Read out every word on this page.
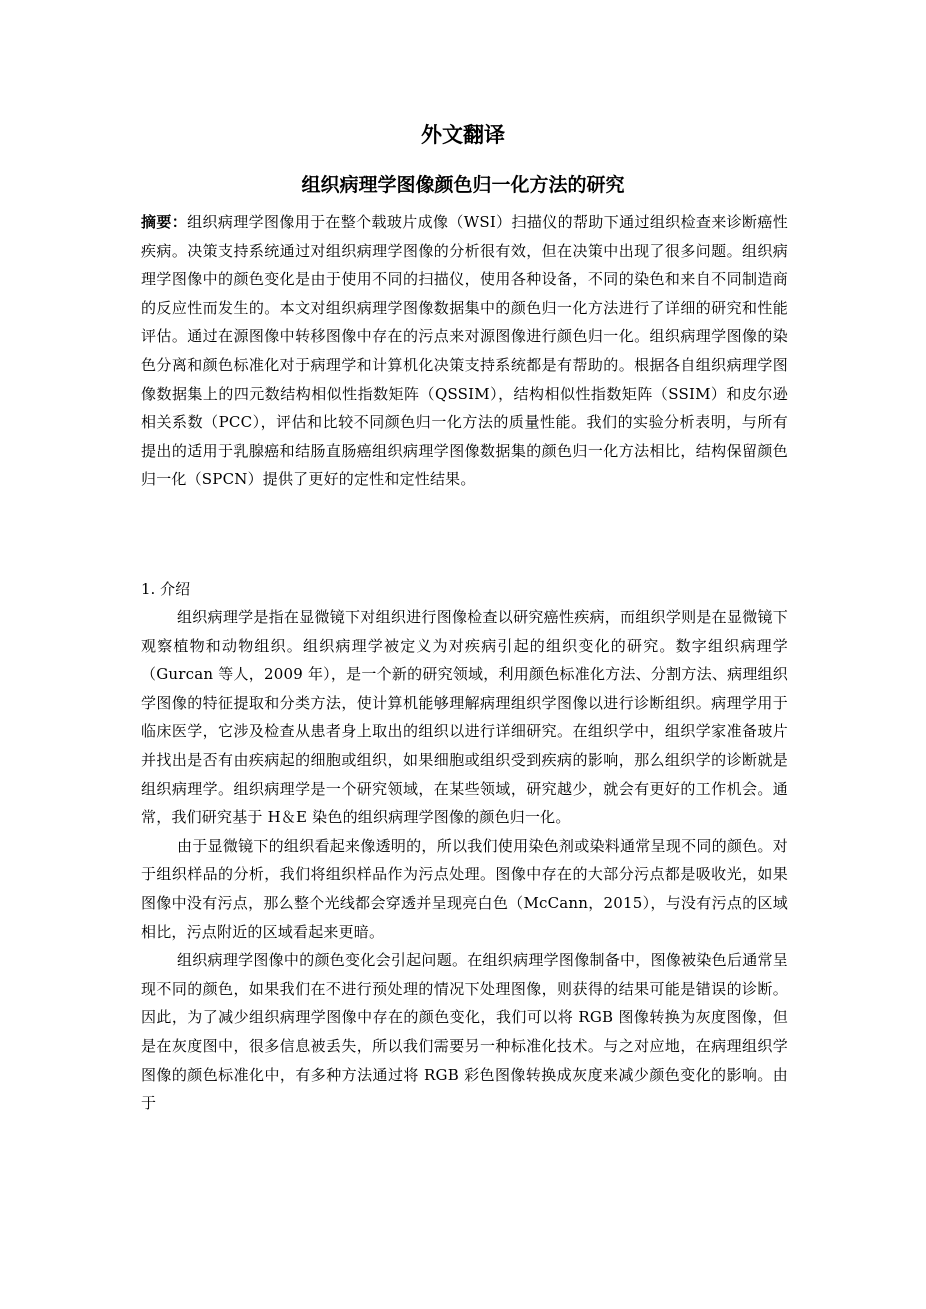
外文翻译
组织病理学图像颜色归一化方法的研究
摘要：组织病理学图像用于在整个载玻片成像（WSI）扫描仪的帮助下通过组织检查来诊断癌性疾病。决策支持系统通过对组织病理学图像的分析很有效，但在决策中出现了很多问题。组织病理学图像中的颜色变化是由于使用不同的扫描仪，使用各种设备，不同的染色和来自不同制造商的反应性而发生的。本文对组织病理学图像数据集中的颜色归一化方法进行了详细的研究和性能评估。通过在源图像中转移图像中存在的污点来对源图像进行颜色归一化。组织病理学图像的染色分离和颜色标准化对于病理学和计算机化决策支持系统都是有帮助的。根据各自组织病理学图像数据集上的四元数结构相似性指数矩阵（QSSIM），结构相似性指数矩阵（SSIM）和皮尔逊相关系数（PCC），评估和比较不同颜色归一化方法的质量性能。我们的实验分析表明，与所有提出的适用于乳腺癌和结肠直肠癌组织病理学图像数据集的颜色归一化方法相比，结构保留颜色归一化（SPCN）提供了更好的定性和定性结果。
1. 介绍

组织病理学是指在显微镜下对组织进行图像检查以研究癌性疾病，而组织学则是在显微镜下观察植物和动物组织。组织病理学被定义为对疾病引起的组织变化的研究。数字组织病理学（Gurcan 等人，2009 年），是一个新的研究领域，利用颜色标准化方法、分割方法、病理组织学图像的特征提取和分类方法，使计算机能够理解病理组织学图像以进行诊断组织。病理学用于临床医学，它涉及检查从患者身上取出的组织以进行详细研究。在组织学中，组织学家准备玻片并找出是否有由疾病起的细胞或组织，如果细胞或组织受到疾病的影响，那么组织学的诊断就是组织病理学。组织病理学是一个研究领域，在某些领域，研究越少，就会有更好的工作机会。通常，我们研究基于 H＆E 染色的组织病理学图像的颜色归一化。

由于显微镜下的组织看起来像透明的，所以我们使用染色剂或染料通常呈现不同的颜色。对于组织样品的分析，我们将组织样品作为污点处理。图像中存在的大部分污点都是吸收光，如果图像中没有污点，那么整个光线都会穿透并呈现亮白色（McCann，2015），与没有污点的区域相比，污点附近的区域看起来更暗。

组织病理学图像中的颜色变化会引起问题。在组织病理学图像制备中，图像被染色后通常呈现不同的颜色，如果我们在不进行预处理的情况下处理图像，则获得的结果可能是错误的诊断。因此，为了减少组织病理学图像中存在的颜色变化，我们可以将 RGB 图像转换为灰度图像，但是在灰度图中，很多信息被丢失，所以我们需要另一种标准化技术。与之对应地，在病理组织学图像的颜色标准化中，有多种方法通过将 RGB 彩色图像转换成灰度来减少颜色变化的影响。由于
